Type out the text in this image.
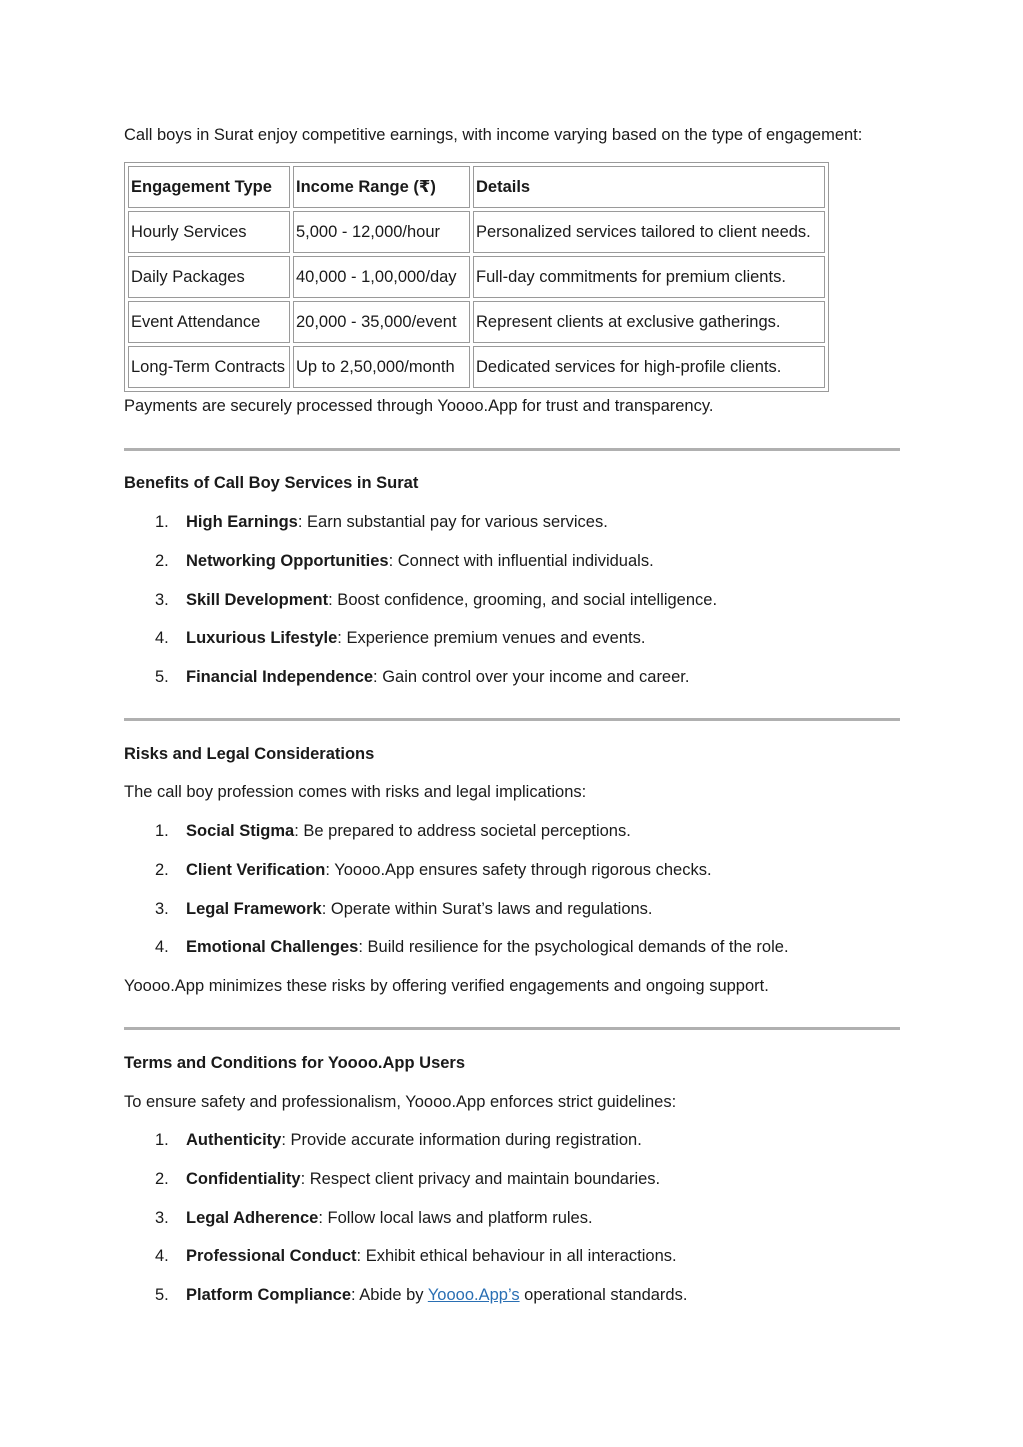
Call boys in Surat enjoy competitive earnings, with income varying based on the type of engagement:
Engagement Type	Income Range (₹)	Details
Hourly Services	5,000 - 12,000/hour	Personalized services tailored to client needs.
Daily Packages	40,000 - 1,00,000/day	Full-day commitments for premium clients.
Event Attendance	20,000 - 35,000/event	Represent clients at exclusive gatherings.
Long-Term Contracts	Up to 2,50,000/month	Dedicated services for high-profile clients.
Payments are securely processed through Yoooo.App for trust and transparency.
Benefits of Call Boy Services in Surat
1. High Earnings: Earn substantial pay for various services.
2. Networking Opportunities: Connect with influential individuals.
3. Skill Development: Boost confidence, grooming, and social intelligence.
4. Luxurious Lifestyle: Experience premium venues and events.
5. Financial Independence: Gain control over your income and career.
Risks and Legal Considerations
The call boy profession comes with risks and legal implications:
1. Social Stigma: Be prepared to address societal perceptions.
2. Client Verification: Yoooo.App ensures safety through rigorous checks.
3. Legal Framework: Operate within Surat’s laws and regulations.
4. Emotional Challenges: Build resilience for the psychological demands of the role.
Yoooo.App minimizes these risks by offering verified engagements and ongoing support.
Terms and Conditions for Yoooo.App Users
To ensure safety and professionalism, Yoooo.App enforces strict guidelines:
1. Authenticity: Provide accurate information during registration.
2. Confidentiality: Respect client privacy and maintain boundaries.
3. Legal Adherence: Follow local laws and platform rules.
4. Professional Conduct: Exhibit ethical behaviour in all interactions.
5. Platform Compliance: Abide by Yoooo.App’s operational standards.
